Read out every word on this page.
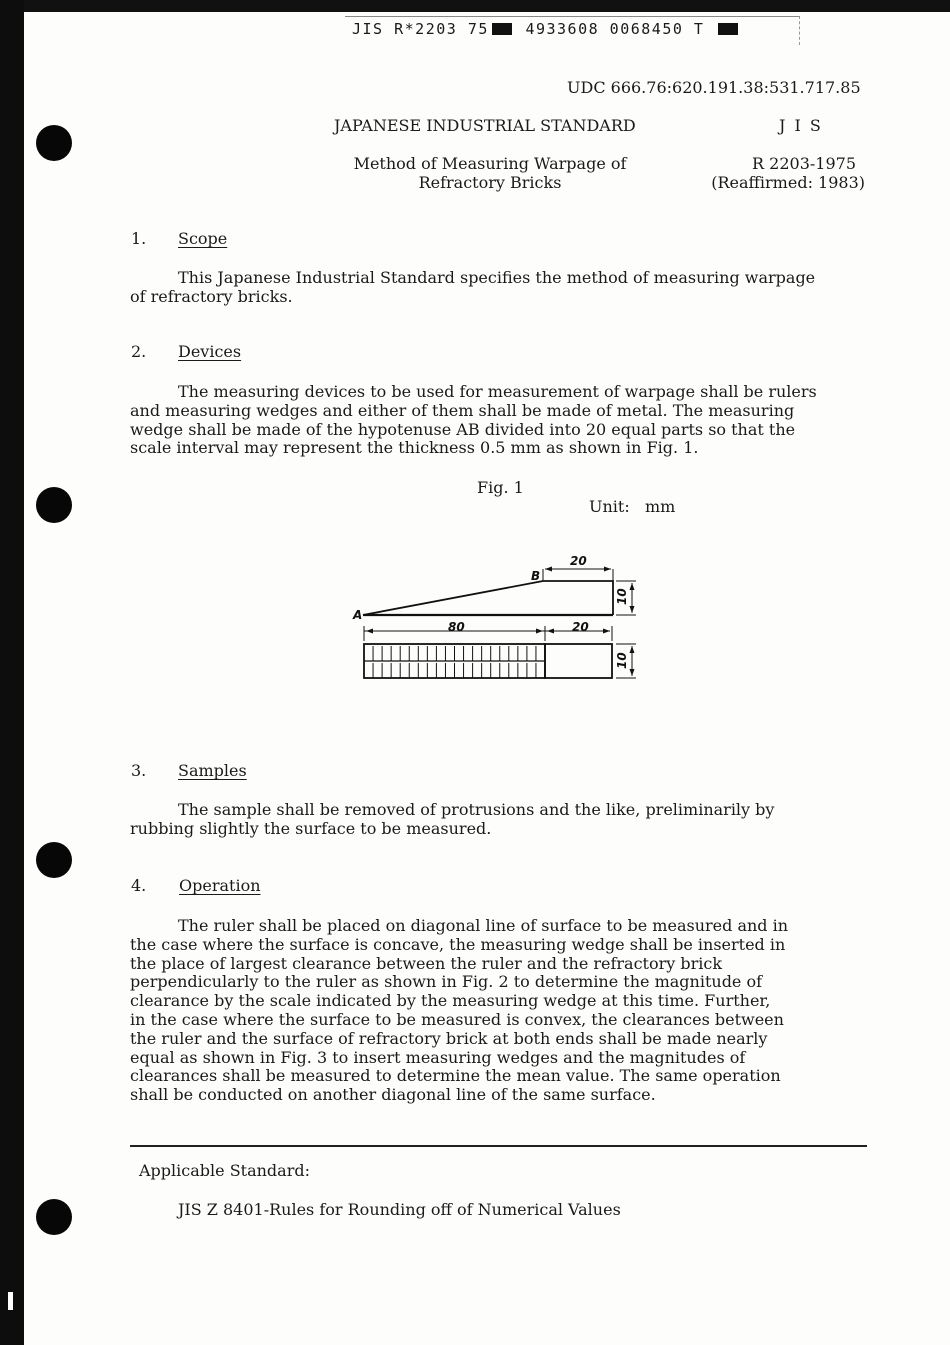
JIS R*2203 75 4933608 0068450 T
UDC 666.76:620.191.38:531.717.85
JAPANESE INDUSTRIAL STANDARD	J I S
Method of Measuring Warpage of
Refractory Bricks
R 2203-1975
(Reaffirmed: 1983)
1. Scope
This Japanese Industrial Standard specifies the method of measuring warpage
of refractory bricks.
2. Devices
The measuring devices to be used for measurement of warpage shall be rulers
and measuring wedges and either of them shall be made of metal. The measuring
wedge shall be made of the hypotenuse AB divided into 20 equal parts so that the
scale interval may represent the thickness 0.5 mm as shown in Fig. 1.
Fig. 1
Unit: mm
A
B
20
10
80	20
10
3. Samples
The sample shall be removed of protrusions and the like, preliminarily by
rubbing slightly the surface to be measured.
4. Operation
The ruler shall be placed on diagonal line of surface to be measured and in
the case where the surface is concave, the measuring wedge shall be inserted in
the place of largest clearance between the ruler and the refractory brick
perpendicularly to the ruler as shown in Fig. 2 to determine the magnitude of
clearance by the scale indicated by the measuring wedge at this time. Further,
in the case where the surface to be measured is convex, the clearances between
the ruler and the surface of refractory brick at both ends shall be made nearly
equal as shown in Fig. 3 to insert measuring wedges and the magnitudes of
clearances shall be measured to determine the mean value. The same operation
shall be conducted on another diagonal line of the same surface.
Applicable Standard:
JIS Z 8401-Rules for Rounding off of Numerical Values
